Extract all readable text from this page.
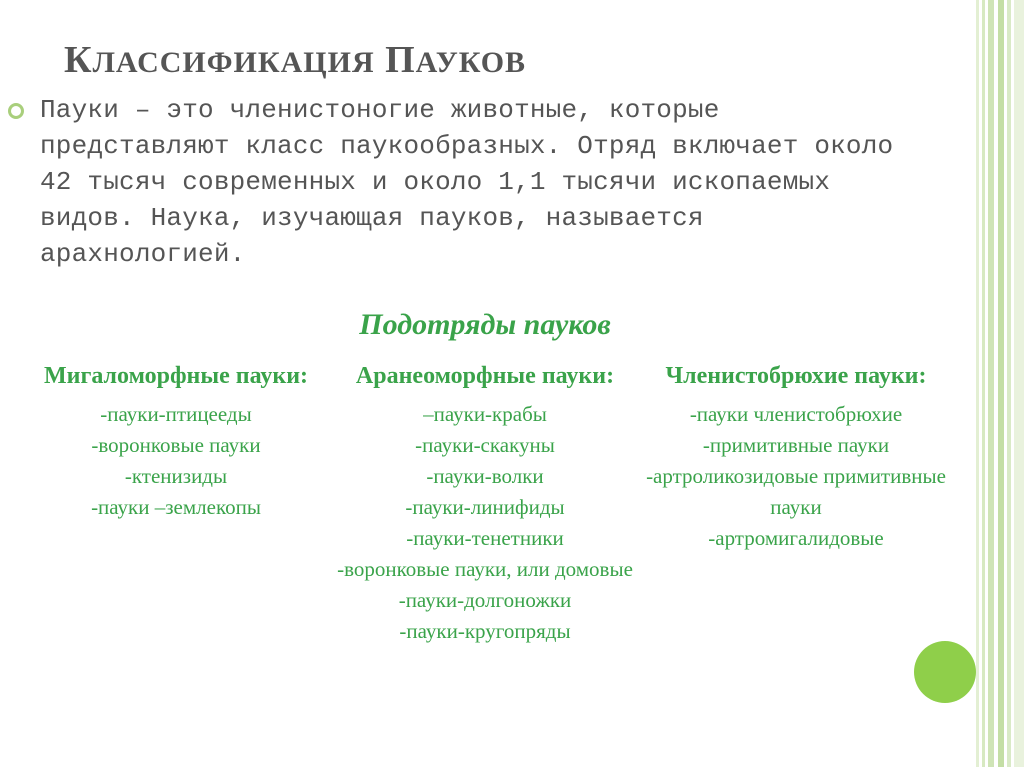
КЛАССИФИКАЦИЯ ПАУКОВ

Пауки – это членистоногие животные, которые представляют класс паукообразных. Отряд включает около 42 тысяч современных и около 1,1 тысячи ископаемых видов. Наука, изучающая пауков, называется арахнологией.

Подотряды пауков

Мигаломорфные пауки:

-пауки-птицееды
-воронковые пауки
-ктенизиды
-пауки –землекопы

Аранеоморфные пауки:

–пауки-крабы
-пауки-скакуны
-пауки-волки
-пауки-линифиды
-пауки-тенетники
-воронковые пауки, или домовые
-пауки-долгоножки
-пауки-кругопряды

Членистобрюхие пауки:

-пауки членистобрюхие
-примитивные пауки
-артроликозидовые примитивные пауки
-артромигалидовые
